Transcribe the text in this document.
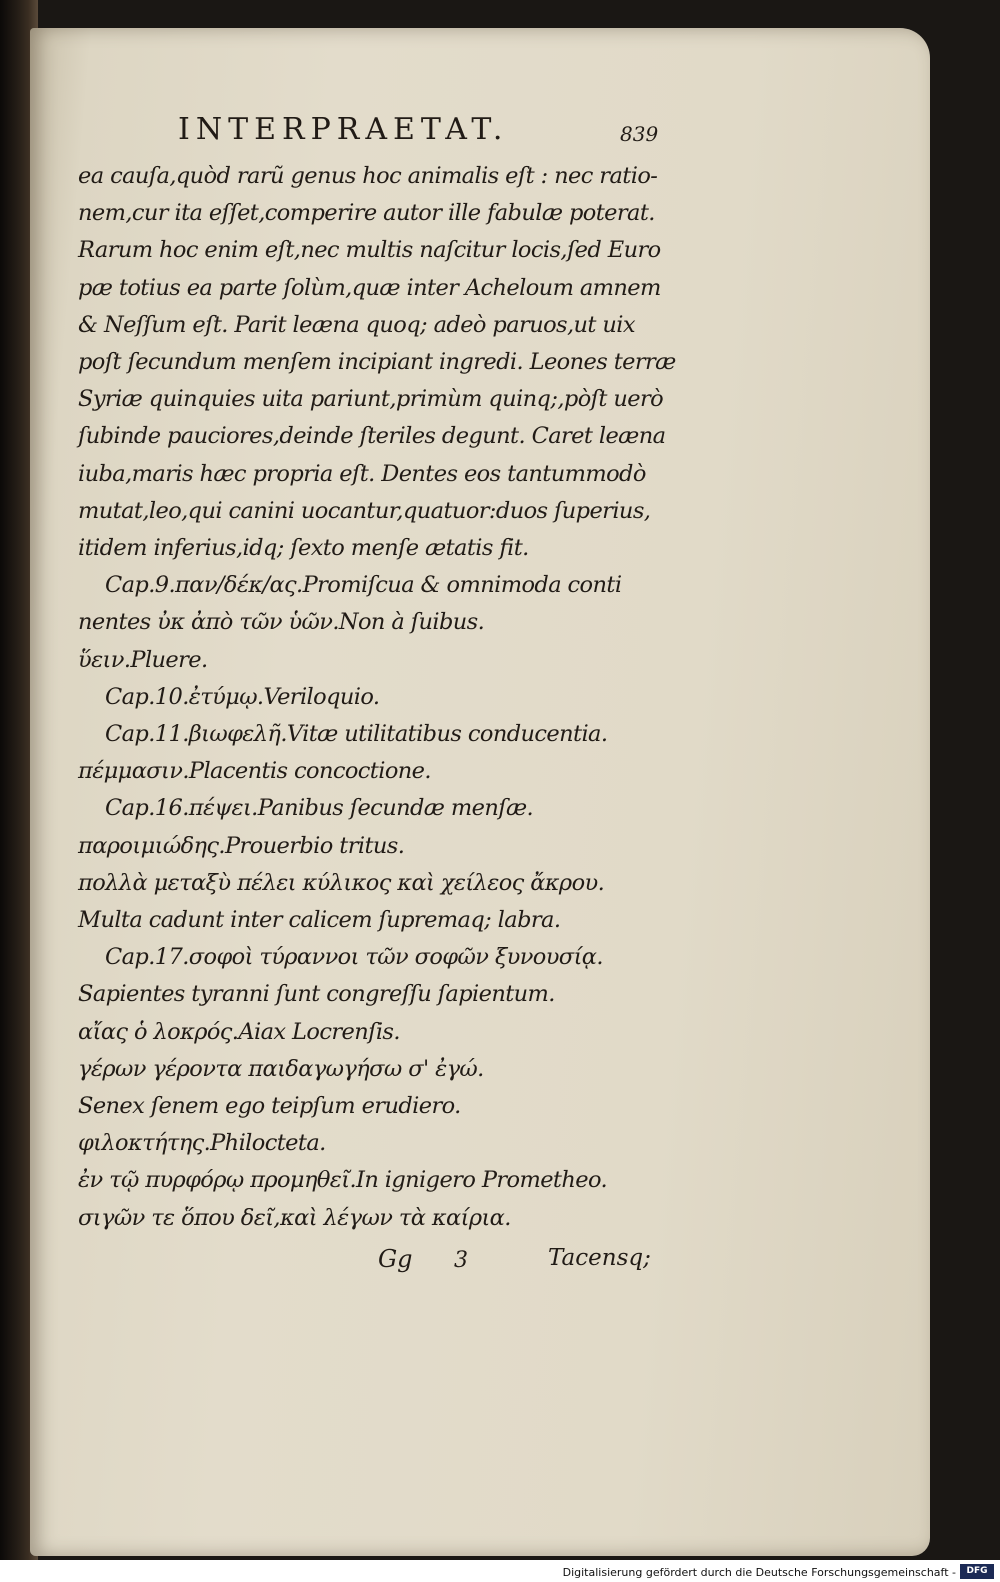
INTERPRAETAT.	839
ea cauſa,quòd rarũ genus hoc animalis eſt : nec ratio-
nem,cur ita eſſet,comperire autor ille fabulæ poterat.
Rarum hoc enim eſt,nec multis naſcitur locis,ſed Euro
pæ totius ea parte ſolùm,quæ inter Acheloum amnem
& Neſſum eſt. Parit leæna quoq; adeò paruos,ut uix
poſt ſecundum menſem incipiant ingredi. Leones terræ
Syriæ quinquies uita pariunt,primùm quinq;,pòſt uerò
ſubinde pauciores,deinde ſteriles degunt. Caret leæna
iuba,maris hæc propria eſt. Dentes eos tantummodò
mutat,leo,qui canini uocantur,quatuor:duos ſuperius,
itidem inferius,idq; ſexto menſe ætatis fit.
Cap.9.παν/δέκ/ας.Promiſcua & omnimoda conti
nentes ὐκ ἀπὸ τῶν ὑῶν.Non à ſuibus.
ὕειν.Pluere.
Cap.10.ἐτύμῳ.Veriloquio.
Cap.11.βιωφελῆ.Vitæ utilitatibus conducentia.
πέμμασιν.Placentis concoctione.
Cap.16.πέψει.Panibus ſecundæ menſæ.
παροιμιώδης.Prouerbio tritus.
πολλὰ μεταξὺ πέλει κύλικος καὶ χείλεος ἄκρου.
Multa cadunt inter calicem ſupremaq; labra.
Cap.17.σοφοὶ τύραννοι τῶν σοφῶν ξυνουσίᾳ.
Sapientes tyranni ſunt congreſſu ſapientum.
αἴας ὁ λοκρός.Aiax Locrenſis.
γέρων γέροντα παιδαγωγήσω σ' ἐγώ.
Senex ſenem ego teipſum erudiero.
φιλοκτήτης.Philocteta.
ἐν τῷ πυρφόρῳ προμηθεῖ.In ignigero Prometheo.
σιγῶν τε ὅπου δεῖ,καὶ λέγων τὰ καίρια.
Gg 3	Tacensq;
Digitalisierung gefördert durch die Deutsche Forschungsgemeinschaft -	DFG
